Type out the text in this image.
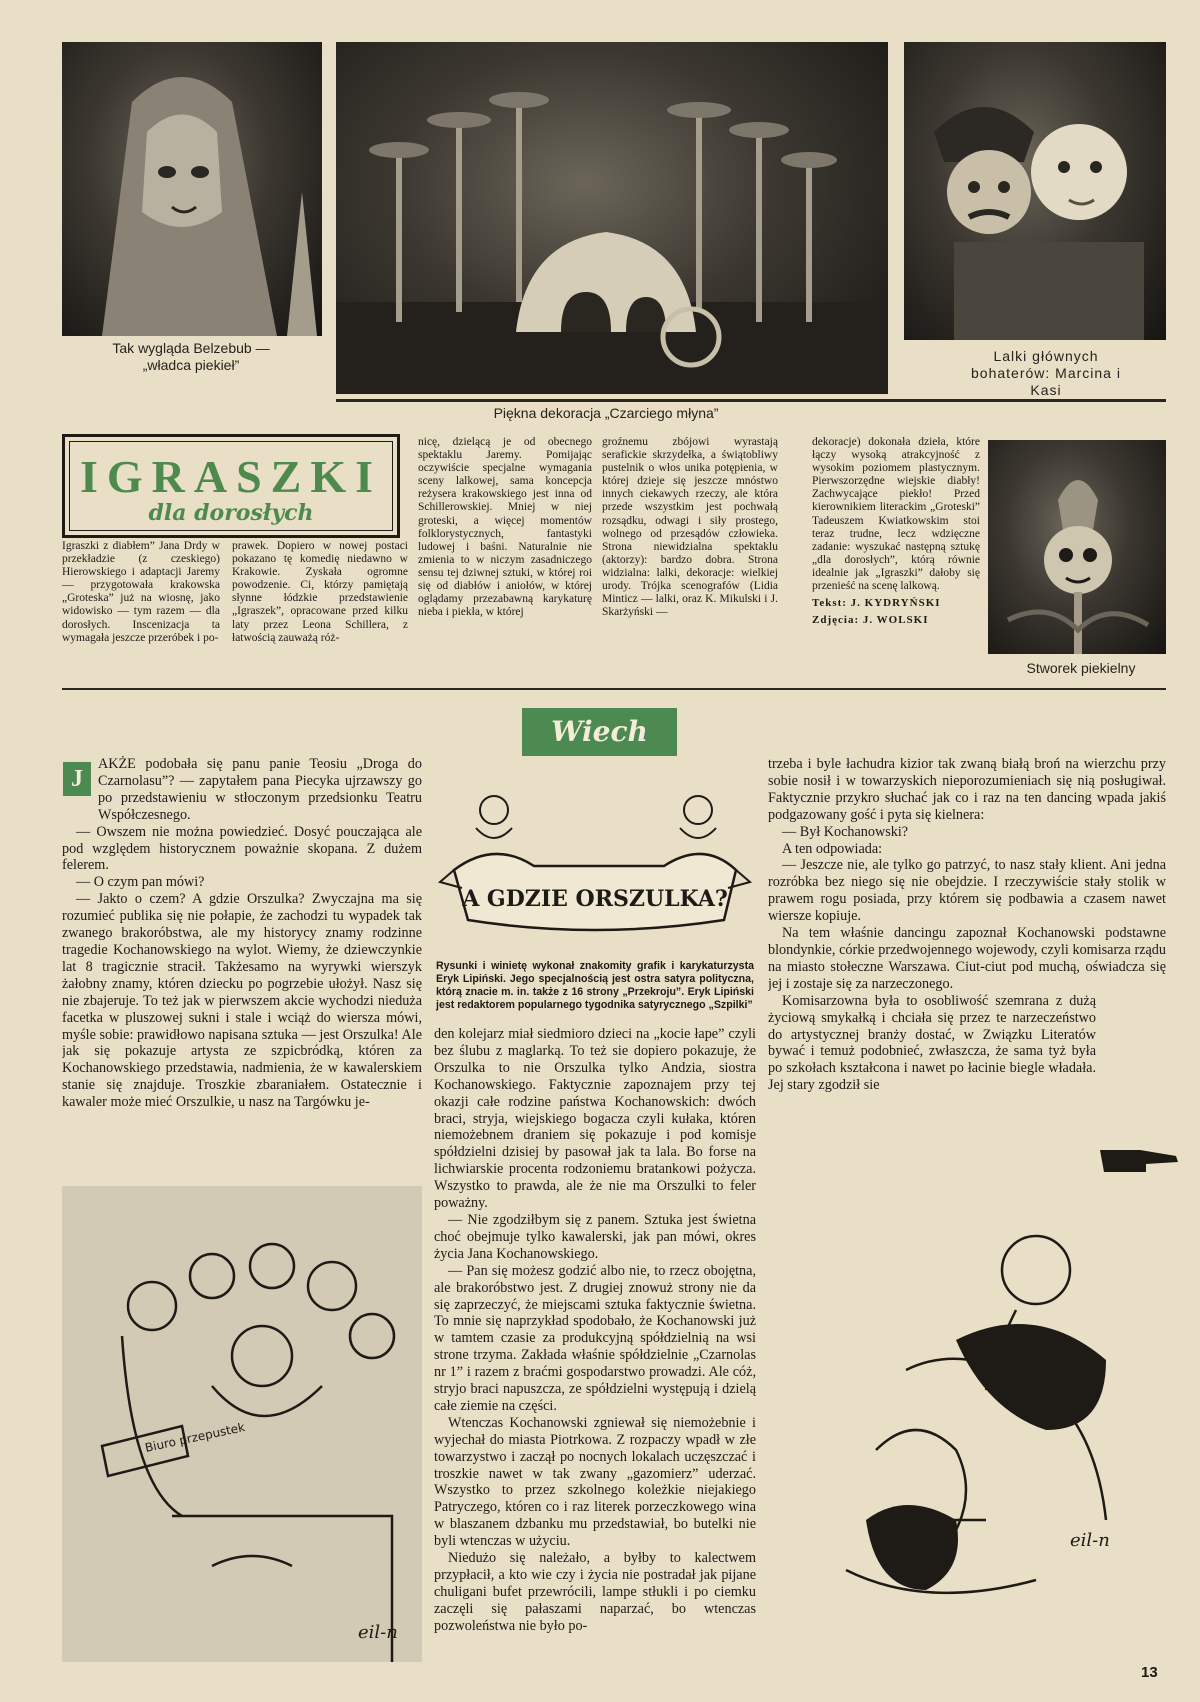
Tak wygląda Belzebub — „władca piekieł”
Piękna dekoracja „Czarciego młyna”
Lalki głównych bohaterów: Marcina i Kasi
IGRASZKI
dla dorosłych

Igraszki z diabłem” Jana Drdy w przekładzie (z czeskiego) Hierowskiego i adaptacji Jaremy — przygotowała krakowska „Groteska” już na wiosnę, jako widowisko — tym razem — dla dorosłych. Inscenizacja ta wymagała jeszcze przeróbek i po-

prawek. Dopiero w nowej postaci pokazano tę komedię niedawno w Krakowie. Zyskała ogromne powodzenie. Ci, którzy pamiętają słynne łódzkie przedstawienie „Igraszek”, opracowane przed kilku laty przez Leona Schillera, z łatwością zauważą róż-

nicę, dzielącą je od obecnego spektaklu Jaremy. Pomijając oczywiście specjalne wymagania sceny lalkowej, sama koncepcja reżysera krakowskiego jest inna od Schillerowskiej. Mniej w niej groteski, a więcej momentów folklorystycznych, fantastyki ludowej i baśni. Naturalnie nie zmienia to w niczym zasadniczego sensu tej dziwnej sztuki, w której roi się od diabłów i aniołów, w której oglądamy przezabawną karykaturę nieba i piekła, w której

groźnemu zbójowi wyrastają serafickie skrzydełka, a świątobliwy pustelnik o włos unika potępienia, w której dzieje się jeszcze mnóstwo innych ciekawych rzeczy, ale która przede wszystkim jest pochwałą rozsądku, odwagi i siły prostego, wolnego od przesądów człowieka. Strona niewidzialna spektaklu (aktorzy): bardzo dobra. Strona widzialna: lalki, dekoracje: wielkiej urody. Trójka scenografów (Lidia Minticz — lalki, oraz K. Mikulski i J. Skarżyński —

dekoracje) dokonała dzieła, które łączy wysoką atrakcyjność z wysokim poziomem plastycznym. Pierwszorzędne wiejskie diabły! Zachwycające piekło! Przed kierownikiem literackim „Groteski” Tadeuszem Kwiatkowskim stoi teraz trudne, lecz wdzięczne zadanie: wyszukać następną sztukę „dla dorosłych”, którą równie idealnie jak „Igraszki” dałoby się przenieść na scenę lalkową.

Tekst: J. KYDRYŃSKI
Zdjęcia: J. WOLSKI
Stworek piekielny
Wiech
J

AKŻE podobała się panu panie Teosiu „Droga do Czarnolasu”? — zapytałem pana Piecyka ujrzawszy go po przedstawieniu w stłoczonym przedsionku Teatru Współczesnego.

— Owszem nie można powiedzieć. Dosyć pouczająca ale pod względem historycznem poważnie skopana. Z dużem felerem.

— O czym pan mówi?

— Jakto o czem? A gdzie Orszulka? Zwyczajna ma się rozumieć publika się nie połapie, że zachodzi tu wypadek tak zwanego brakoróbstwa, ale my historycy znamy rodzinne tragedie Kochanowskiego na wylot. Wiemy, że dziewczynkie lat 8 tragicznie stracił. Takżesamo na wyrywki wierszyk żałobny znamy, któren dziecku po pogrzebie ułożył. Nasz się nie zbajeruje. To też jak w pierwszem akcie wychodzi niedużа facetka w pluszowej sukni i stale i wciąż do wiersza mówi, myśle sobie: prawidłowo napisana sztuka — jest Orszulka! Ale jak się pokazuje artysta ze szpicbródką, któren za Kochanowskiego przedstawia, nadmienia, że w kawalerskiem stanie się znajduje. Troszkie zbaraniałem. Ostatecznie i kawaler może mieć Orszulkie, u nasz na Targówku je-

A GDZIE ORSZULKA?
Rysunki i winietę wykonał znakomity grafik i karykaturzysta Eryk Lipiński. Jego specjalnością jest ostra satyra polityczna, którą znacie m. in. także z 16 strony „Przekroju”. Eryk Lipiński jest redaktorem popularnego tygodnika satyrycznego „Szpilki”

den kolejarz miał siedmioro dzieci na „kocie łape” czyli bez ślubu z maglarką. To też sie dopiero pokazuje, że Orszulka to nie Orszulka tylko Andzia, siostra Kochanowskiego. Faktycznie zapoznajem przy tej okazji całe rodzine państwa Kochanowskich: dwóch braci, stryja, wiejskiego bogacza czyli kułaka, któren niemożebnem draniem się pokazuje i pod komisje spółdzielni dzisiej by pasował jak ta lala. Bo forse na lichwiarskie procenta rodzoniemu bratankowi pożycza. Wszystko to prawda, ale że nie ma Orszulki to feler poważny.

— Nie zgodziłbym się z panem. Sztuka jest świetna choć obejmuje tylko kawalerski, jak pan mówi, okres życia Jana Kochanowskiego.

— Pan się możesz godzić albo nie, to rzecz obojętna, ale brakoróbstwo jest. Z drugiej znowuż strony nie da się zaprzeczyć, że miejscami sztuka faktycznie świetna. To mnie się naprzykład spodobało, że Kochanowski już w tamtem czasie za produkcyjną spółdzielnią na wsi strone trzyma. Zakłada właśnie spółdzielnie „Czarnolas nr 1” i razem z braćmi gospodarstwo prowadzi. Ale cóż, stryjo braci napuszcza, ze spółdzielni występują i dzielą całe ziemie na części.

Wtenczas Kochanowski zgniewał się niemożebnie i wyjechał do miasta Piotrkowa. Z rozpaczy wpadł w złe towarzystwo i zaczął po nocnych lokalach uczęszczać i troszkie nawet w tak zwany „gazomierz” uderzać. Wszystko to przez szkolnego koleżkie niejakiego Patryczego, któren co i raz literek porzeczkowego wina w blaszanem dzbanku mu przedstawiał, bo butelki nie byli wtenczas w użyciu.

Niedużo się należało, a byłby to kalectwem przypłacił, a kto wie czy i życia nie postradał jak pijane chuligani bufet przewrócili, lampe stłukli i po ciemku zaczęli się pałaszami naparzać, bo wtenczas pozwoleństwa nie było po-

trzeba i byle łachudra kizior tak zwaną białą broń na wierzchu przy sobie nosił i w towarzyskich nieporozumieniach się nią posługiwał. Faktycznie przykro słuchać jak co i raz na ten dancing wpada jakiś podgazowany gość i pyta się kielnera:

— Był Kochanowski?

A ten odpowiada:

— Jeszcze nie, ale tylko go patrzyć, to nasz stały klient. Ani jedna rozróbka bez niego się nie obejdzie. I rzeczywiście stały stolik w prawem rogu posiada, przy którem się podbawia a czasem nawet wiersze kopiuje.

Na tem właśnie dancingu zapoznał Kochanowski podstawne blondynkie, córkie przedwojennego wojewody, czyli komisarza rządu na miasto stołeczne Warszawa. Ciut-ciut pod muchą, oświadcza się jej i zostaje się za narzeczonego.

Komisarzowna była to osobliwość szemrana z dużą życiową smykałką i chciała się przez te narzeczeństwo do artystycznej branży dostać, w Związku Literatów bywać i temuż podobnieć, zwłaszcza, że sama tyż była po szkołach kształcona i nawet po łacinie biegle władała. Jej stary zgodził sie

Biuro przepustek
eil-n
eil-n
13
